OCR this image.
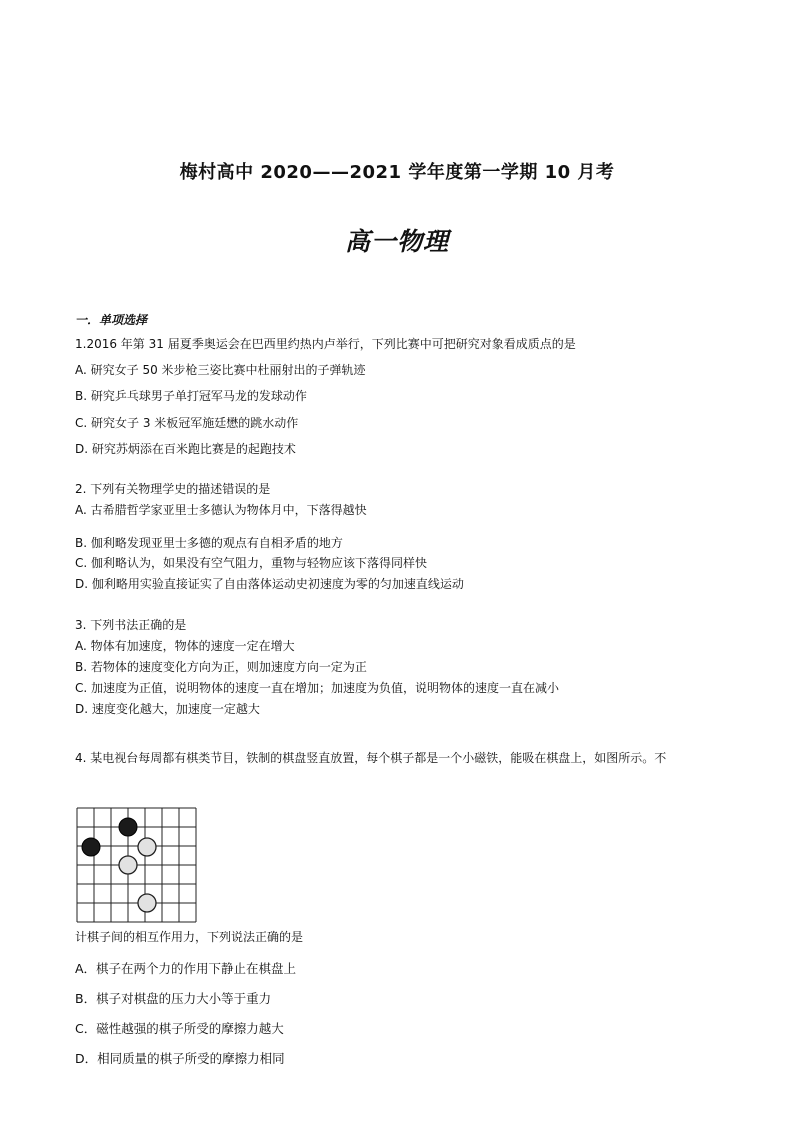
梅村高中 2020——2021 学年度第一学期 10 月考
高一物理
一．单项选择
1.2016 年第 31 届夏季奥运会在巴西里约热内卢举行，下列比赛中可把研究对象看成质点的是
A. 研究女子 50 米步枪三姿比赛中杜丽射出的子弹轨迹
B. 研究乒乓球男子单打冠军马龙的发球动作
C. 研究女子 3 米板冠军施廷懋的跳水动作
D. 研究苏炳添在百米跑比赛是的起跑技术
2. 下列有关物理学史的描述错误的是
A. 古希腊哲学家亚里士多德认为物体月中，下落得越快
B. 伽利略发现亚里士多德的观点有自相矛盾的地方
C. 伽利略认为，如果没有空气阻力，重物与轻物应该下落得同样快
D. 伽利略用实验直接证实了自由落体运动史初速度为零的匀加速直线运动
3. 下列书法正确的是
A. 物体有加速度，物体的速度一定在增大
B. 若物体的速度变化方向为正，则加速度方向一定为正
C. 加速度为正值，说明物体的速度一直在增加；加速度为负值，说明物体的速度一直在减小
D. 速度变化越大，加速度一定越大
4. 某电视台每周都有棋类节目，铁制的棋盘竖直放置，每个棋子都是一个小磁铁，能吸在棋盘上，如图所示。不
计棋子间的相互作用力，下列说法正确的是
A．棋子在两个力的作用下静止在棋盘上
B．棋子对棋盘的压力大小等于重力
C．磁性越强的棋子所受的摩擦力越大
D．相同质量的棋子所受的摩擦力相同
